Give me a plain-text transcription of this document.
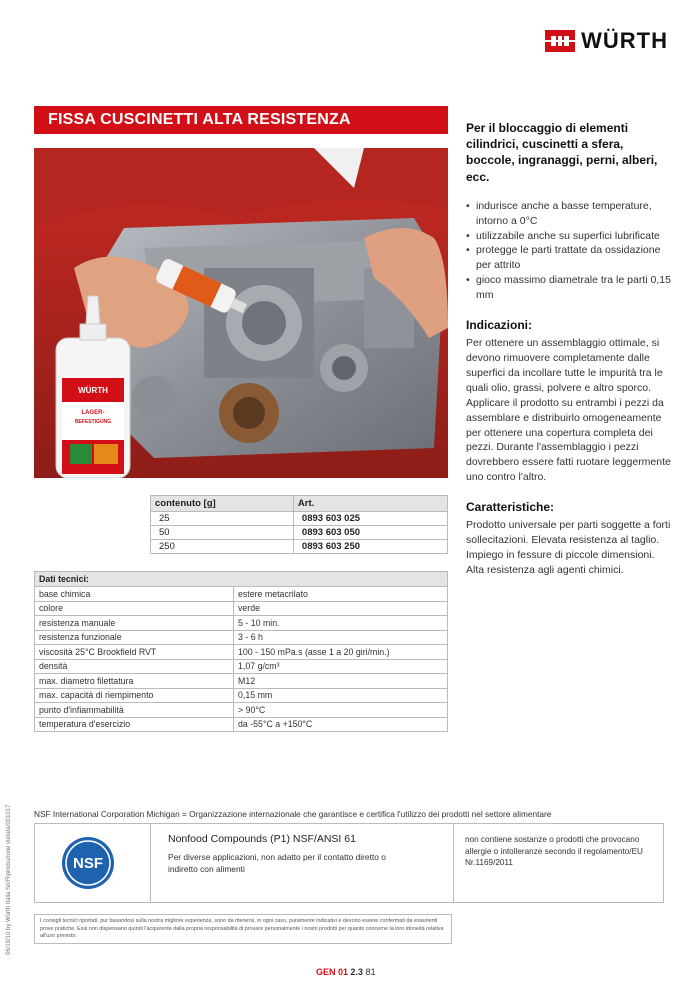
WÜRTH
FISSA CUSCINETTI ALTA RESISTENZA
WÜRTH
LAGER-
BEFESTIGUNG
Per il bloccaggio di elementi cilindrici, cuscinetti a sfera, boccole, ingranaggi, perni, alberi, ecc.
• indurisce anche a basse temperature, intorno a 0°C
• utilizzabile anche su superfici lubrificate
• protegge le parti trattate da ossidazione per attrito
• gioco massimo diametrale tra le parti 0,15 mm
Indicazioni:

Per ottenere un assemblaggio ottimale, si devono rimuovere completamente dalle superfici da incollare tutte le impurità tra le quali olio, grassi, polvere e altro sporco. Applicare il prodotto su entrambi i pezzi da assemblare e distribuirlo omogeneamente per ottenere una copertura completa dei pezzi. Durante l'assemblaggio i pezzi dovrebbero essere fatti ruotare leggermente uno contro l'altro.

Caratteristiche:

Prodotto universale per parti soggette a forti sollecitazioni. Elevata resistenza al taglio. Impiego in fessure di piccole dimensioni. Alta resistenza agli agenti chimici.

contenuto [g]	Art.
25	0893 603 025
50	0893 603 050
250	0893 603 250
Dati tecnici:	
base chimica	estere metacrilato
colore	verde
resistenza manuale	5 - 10 min.
resistenza funzionale	3 - 6 h
viscosità 25°C Brookfield RVT	100 - 150 mPa.s (asse 1 a 20 giri/min.)
densità	1,07 g/cm³
max. diametro filettatura	M12
max. capacità di riempimento	0,15 mm
punto d'infiammabilità	> 90°C
temperatura d'esercizio	da -55°C a +150°C
06/19/10 by Würth Italia Srl/Riproduzione vietata/001017	NSF International Corporation Michigan = Organizzazione internazionale che garantisce e certifica l'utilizzo dei prodotti nel settore alimentare
NSF
Nonfood Compounds (P1) NSF/ANSI 61
Per diverse applicazioni, non adatto per il contatto diretto o indiretto con alimenti
non contiene sostanze o prodotti che provocano allergie o intolleranze secondo il regolamento/EU Nr.1169/2011
I consigli tecnici riportati, pur basandosi sulla nostra migliore esperienza, sono da ritenersi, in ogni caso, puramente indicativi e devono essere confermati da esaurienti prove pratiche. Essi non dispensano quindi l'acquirente dalla propria responsabilità di provare personalmente i nostri prodotti per quanto concerne la loro idoneità relativa all'uso previsto.
GEN 01 2.3 81
